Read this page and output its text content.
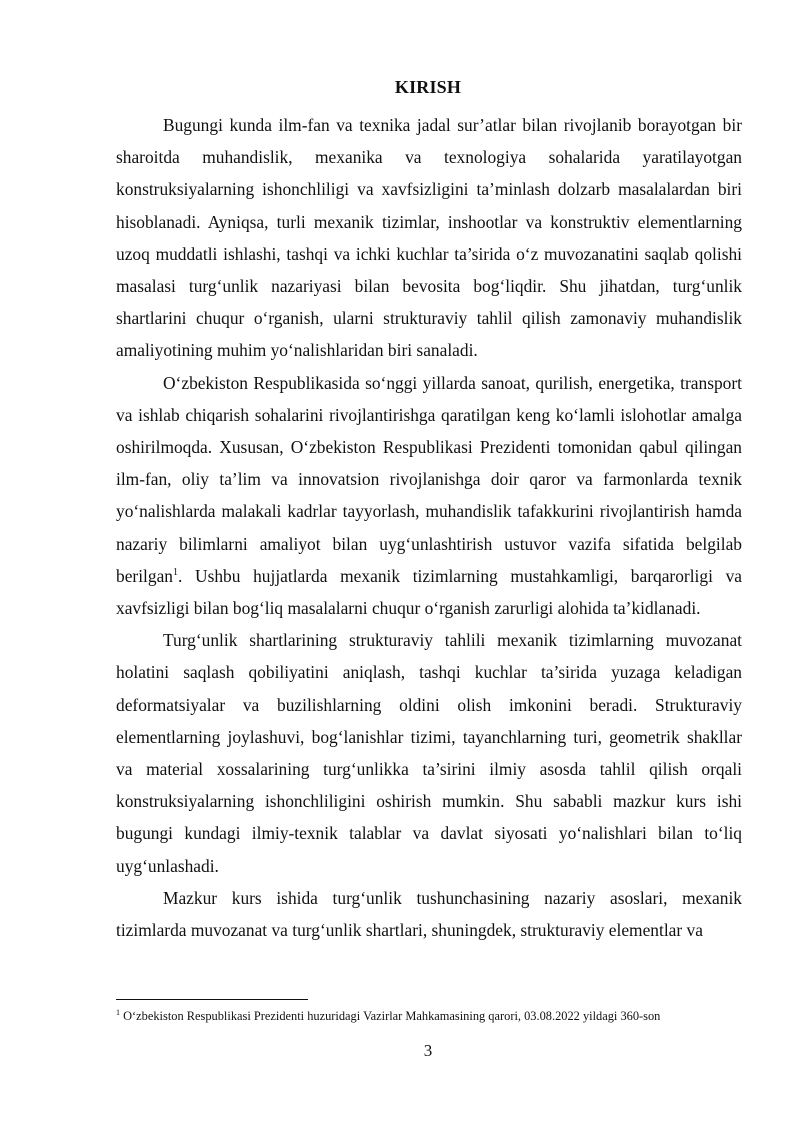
KIRISH

Bugungi kunda ilm-fan va texnika jadal sur’atlar bilan rivojlanib borayotgan bir sharoitda muhandislik, mexanika va texnologiya sohalarida yaratilayotgan konstruksiyalarning ishonchliligi va xavfsizligini ta’minlash dolzarb masalalardan biri hisoblanadi. Ayniqsa, turli mexanik tizimlar, inshootlar va konstruktiv elementlarning uzoq muddatli ishlashi, tashqi va ichki kuchlar ta’sirida o‘z muvozanatini saqlab qolishi masalasi turg‘unlik nazariyasi bilan bevosita bog‘liqdir. Shu jihatdan, turg‘unlik shartlarini chuqur o‘rganish, ularni strukturaviy tahlil qilish zamonaviy muhandislik amaliyotining muhim yo‘nalishlaridan biri sanaladi.

O‘zbekiston Respublikasida so‘nggi yillarda sanoat, qurilish, energetika, transport va ishlab chiqarish sohalarini rivojlantirishga qaratilgan keng ko‘lamli islohotlar amalga oshirilmoqda. Xususan, O‘zbekiston Respublikasi Prezidenti tomonidan qabul qilingan ilm-fan, oliy ta’lim va innovatsion rivojlanishga doir qaror va farmonlarda texnik yo‘nalishlarda malakali kadrlar tayyorlash, muhandislik tafakkurini rivojlantirish hamda nazariy bilimlarni amaliyot bilan uyg‘unlashtirish ustuvor vazifa sifatida belgilab berilgan$^1$. Ushbu hujjatlarda mexanik tizimlarning mustahkamligi, barqarorligi va xavfsizligi bilan bog‘liq masalalarni chuqur o‘rganish zarurligi alohida ta’kidlanadi.

Turg‘unlik shartlarining strukturaviy tahlili mexanik tizimlarning muvozanat holatini saqlash qobiliyatini aniqlash, tashqi kuchlar ta’sirida yuzaga keladigan deformatsiyalar va buzilishlarning oldini olish imkonini beradi. Strukturaviy elementlarning joylashuvi, bog‘lanishlar tizimi, tayanchlarning turi, geometrik shakllar va material xossalarining turg‘unlikka ta’sirini ilmiy asosda tahlil qilish orqali konstruksiyalarning ishonchliligini oshirish mumkin. Shu sababli mazkur kurs ishi bugungi kundagi ilmiy-texnik talablar va davlat siyosati yo‘nalishlari bilan to‘liq uyg‘unlashadi.

Mazkur kurs ishida turg‘unlik tushunchasining nazariy asoslari, mexanik tizimlarda muvozanat va turg‘unlik shartlari, shuningdek, strukturaviy elementlar va

$^1$ O‘zbekiston Respublikasi Prezidenti huzuridagi Vazirlar Mahkamasining qarori, 03.08.2022 yildagi 360-son
3
